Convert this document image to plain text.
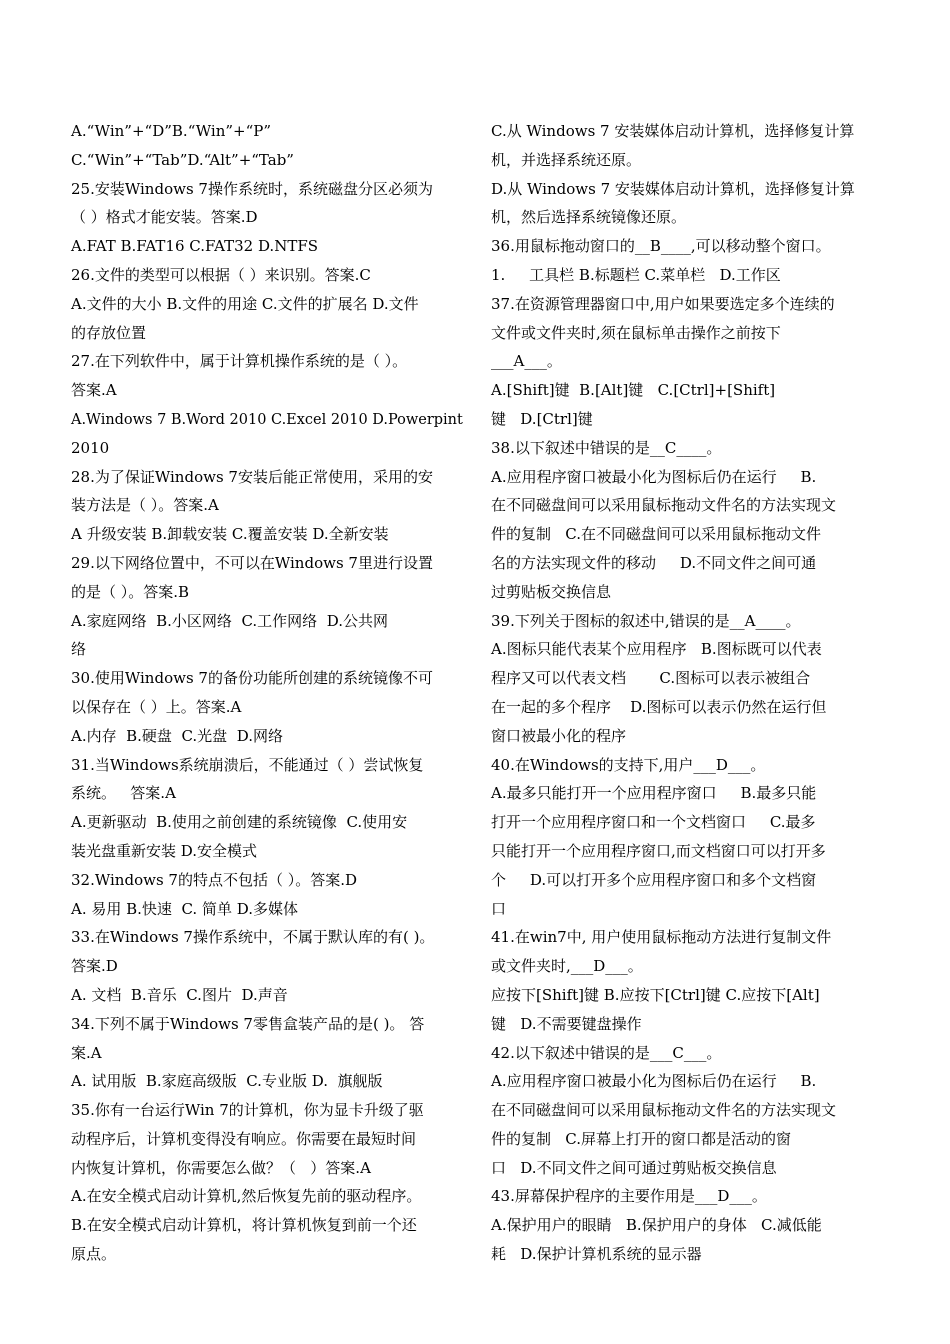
A.“Win”+“D”B.“Win”+“P”
C.“Win”+“Tab”D.“Alt”+“Tab”
25.安装Windows 7操作系统时，系统磁盘分区必须为
（ ）格式才能安装。答案.D
A.FAT B.FAT16 C.FAT32 D.NTFS
26.文件的类型可以根据（ ）来识别。答案.C
A.文件的大小 B.文件的用途 C.文件的扩展名 D.文件
的存放位置
27.在下列软件中，属于计算机操作系统的是（ ）。
答案.A
A.Windows 7 B.Word 2010 C.Excel 2010 D.Powerpint
2010
28.为了保证Windows 7安装后能正常使用，采用的安
装方法是（ ）。答案.A
A 升级安装 B.卸载安装 C.覆盖安装 D.全新安装
29.以下网络位置中，不可以在Windows 7里进行设置
的是（ ）。答案.B
A.家庭网络  B.小区网络  C.工作网络  D.公共网
络
30.使用Windows 7的备份功能所创建的系统镜像不可
以保存在（ ）上。答案.A
A.内存  B.硬盘  C.光盘  D.网络
31.当Windows系统崩溃后，不能通过（ ）尝试恢复
系统。   答案.A
A.更新驱动  B.使用之前创建的系统镜像  C.使用安
装光盘重新安装 D.安全模式
32.Windows 7的特点不包括（ ）。答案.D
A. 易用 B.快速  C. 简单 D.多媒体
33.在Windows 7操作系统中，不属于默认库的有( )。
答案.D
A. 文档  B.音乐  C.图片  D.声音
34.下列不属于Windows 7零售盒装产品的是( )。 答
案.A
A. 试用版  B.家庭高级版  C.专业版 D.  旗舰版
35.你有一台运行Win 7的计算机，你为显卡升级了驱
动程序后，计算机变得没有响应。你需要在最短时间
内恢复计算机，你需要怎么做？（   ）答案.A
A.在安全模式启动计算机,然后恢复先前的驱动程序。
B.在安全模式启动计算机，将计算机恢复到前一个还
原点。
C.从 Windows 7 安装媒体启动计算机，选择修复计算
机，并选择系统还原。
D.从 Windows 7 安装媒体启动计算机，选择修复计算
机，然后选择系统镜像还原。
36.用鼠标拖动窗口的__B____,可以移动整个窗口。
1.     工具栏 B.标题栏 C.菜单栏   D.工作区
37.在资源管理器窗口中,用户如果要选定多个连续的
文件或文件夹时,须在鼠标单击操作之前按下
___A___。
A.[Shift]键  B.[Alt]键   C.[Ctrl]+[Shift]
键   D.[Ctrl]键
38.以下叙述中错误的是__C____。
A.应用程序窗口被最小化为图标后仍在运行     B.
在不同磁盘间可以采用鼠标拖动文件名的方法实现文
件的复制   C.在不同磁盘间可以采用鼠标拖动文件
名的方法实现文件的移动     D.不同文件之间可通
过剪贴板交换信息
39.下列关于图标的叙述中,错误的是__A____。
A.图标只能代表某个应用程序   B.图标既可以代表
程序又可以代表文档       C.图标可以表示被组合
在一起的多个程序    D.图标可以表示仍然在运行但
窗口被最小化的程序
40.在Windows的支持下,用户___D___。
A.最多只能打开一个应用程序窗口     B.最多只能
打开一个应用程序窗口和一个文档窗口     C.最多
只能打开一个应用程序窗口,而文档窗口可以打开多
个     D.可以打开多个应用程序窗口和多个文档窗
口
41.在win7中, 用户使用鼠标拖动方法进行复制文件
或文件夹时,___D___。
应按下[Shift]键 B.应按下[Ctrl]键 C.应按下[Alt]
键   D.不需要键盘操作
42.以下叙述中错误的是___C___。
A.应用程序窗口被最小化为图标后仍在运行     B.
在不同磁盘间可以采用鼠标拖动文件名的方法实现文
件的复制   C.屏幕上打开的窗口都是活动的窗
口   D.不同文件之间可通过剪贴板交换信息
43.屏幕保护程序的主要作用是___D___。
A.保护用户的眼睛   B.保护用户的身体   C.减低能
耗   D.保护计算机系统的显示器
